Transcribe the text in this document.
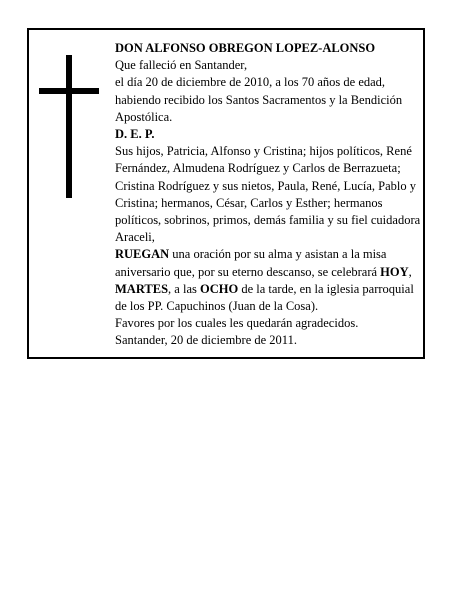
DON ALFONSO OBREGON LOPEZ-ALONSO

Que falleció en Santander,

el día 20 de diciembre de 2010, a los 70 años de edad, habiendo recibido los Santos Sacramentos y la Bendición Apostólica.

D. E. P.

Sus hijos, Patricia, Alfonso y Cristina; hijos políticos, René Fernández, Almudena Rodríguez y Carlos de Berrazueta; Cristina Rodríguez y sus nietos, Paula, René, Lucía, Pablo y Cristina; hermanos, César, Carlos y Esther; hermanos políticos, sobrinos, primos, demás familia y su fiel cuidadora Araceli,

RUEGAN una oración por su alma y asistan a la misa aniversario que, por su eterno descanso, se celebrará HOY, MARTES, a las OCHO de la tarde, en la iglesia parroquial de los PP. Capuchinos (Juan de la Cosa).

Favores por los cuales les quedarán agradecidos.

Santander, 20 de diciembre de 2011.
